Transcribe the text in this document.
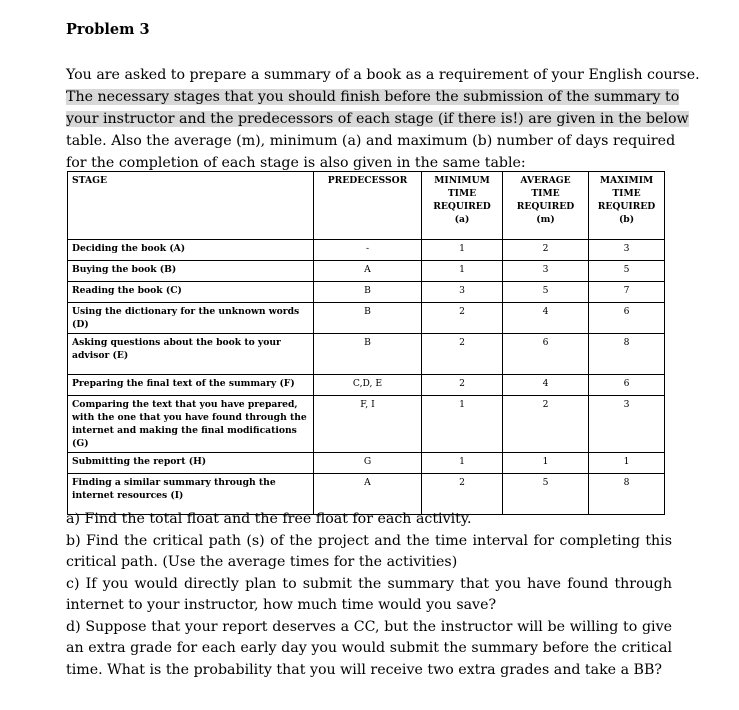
Problem 3
You are asked to prepare a summary of a book as a requirement of your English course.
The necessary stages that you should finish before the submission of the summary to
your instructor and the predecessors of each stage (if there is!) are given in the below
table. Also the average (m), minimum (a) and maximum (b) number of days required
for the completion of each stage is also given in the same table:
STAGE	PREDECESSOR	MINIMUM TIME REQUIRED (a)	AVERAGE TIME REQUIRED (m)	MAXIMIM TIME REQUIRED (b)
Deciding the book (A)	-	1	2	3
Buying the book (B)	A	1	3	5
Reading the book (C)	B	3	5	7
Using the dictionary for the unknown words (D)	B	2	4	6
Asking questions about the book to your advisor (E)	B	2	6	8
Preparing the final text of the summary (F)	C,D, E	2	4	6
Comparing the text that you have prepared, with the one that you have found through the internet and making the final modifications (G)	F, I	1	2	3
Submitting the report (H)	G	1	1	1
Finding a similar summary through the internet resources (I)	A	2	5	8

a) Find the total float and the free float for each activity.

b) Find the critical path (s) of the project and the time interval for completing this critical path. (Use the average times for the activities)

c) If you would directly plan to submit the summary that you have found through internet to your instructor, how much time would you save?

d) Suppose that your report deserves a CC, but the instructor will be willing to give an extra grade for each early day you would submit the summary before the critical time. What is the probability that you will receive two extra grades and take a BB?
